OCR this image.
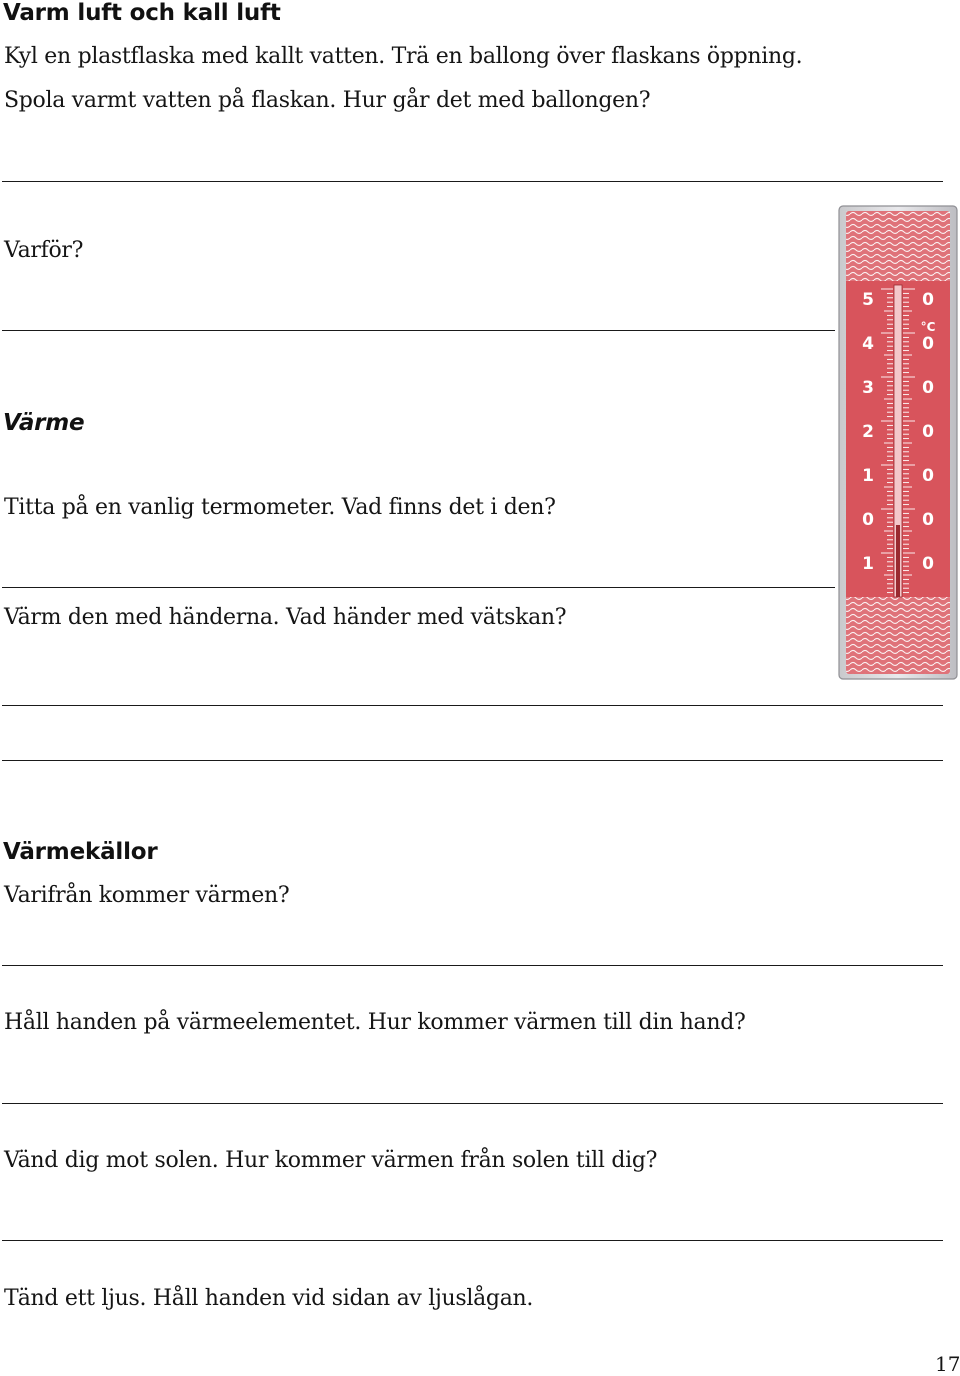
Varm luft och kall luft
Kyl en plastflaska med kallt vatten. Trä en ballong över flaskans öppning.
Spola varmt vatten på flaskan. Hur går det med ballongen?
Varför?
Värme
Titta på en vanlig termometer. Vad finns det i den?
Värm den med händerna. Vad händer med vätskan?
5
4
3
2
1
0
1
0
0
0
0
0
0
0
°C
Värmekällor
Varifrån kommer värmen?
Håll handen på värmeelementet. Hur kommer värmen till din hand?
Vänd dig mot solen. Hur kommer värmen från solen till dig?
Tänd ett ljus. Håll handen vid sidan av ljuslågan.
17
